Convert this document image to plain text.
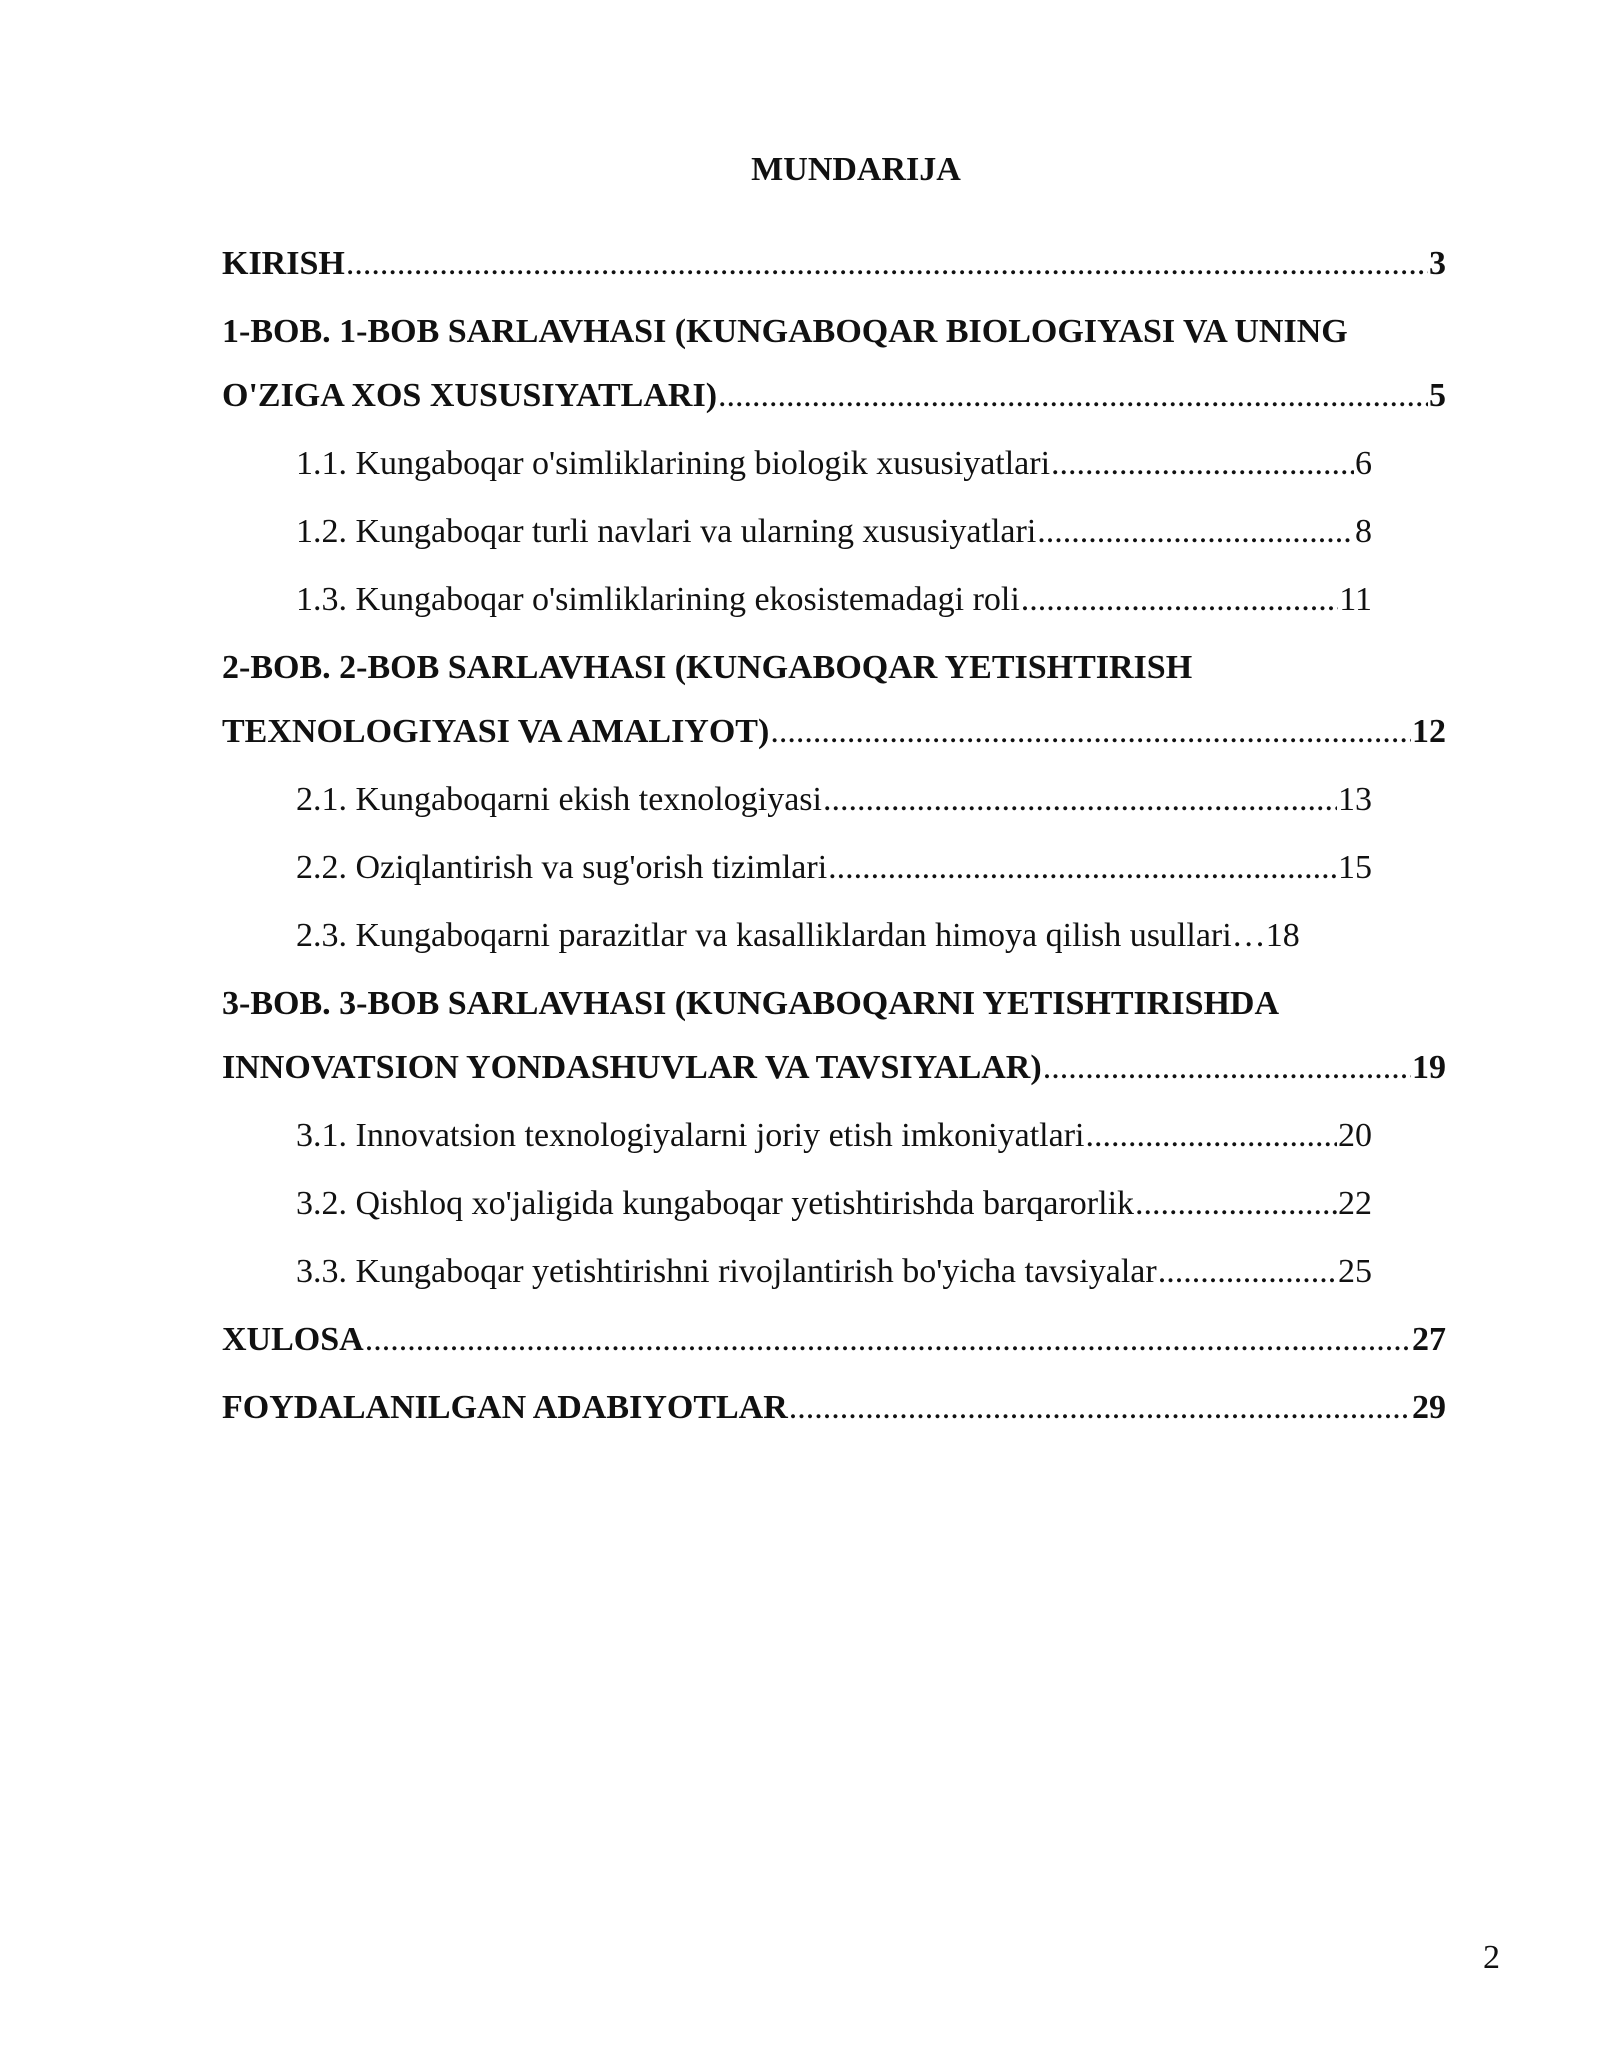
MUNDARIJA
KIRISH .....	3
1-BOB. 1-BOB SARLAVHASI (KUNGABOQAR BIOLOGIYASI VA UNING
O'ZIGA XOS XUSUSIYATLARI) .....	5
1.1. Kungaboqar o'simliklarining biologik xususiyatlari .....	6
1.2. Kungaboqar turli navlari va ularning xususiyatlari .....	8
1.3. Kungaboqar o'simliklarining ekosistemadagi roli .....	11
2-BOB. 2-BOB SARLAVHASI (KUNGABOQAR YETISHTIRISH
TEXNOLOGIYASI VA AMALIYOT) .....	12
2.1. Kungaboqarni ekish texnologiyasi .....	13
2.2. Oziqlantirish va sug'orish tizimlari .....	15
2.3. Kungaboqarni parazitlar va kasalliklardan himoya qilish usullari… 18
3-BOB. 3-BOB SARLAVHASI (KUNGABOQARNI YETISHTIRISHDA
INNOVATSION YONDASHUVLAR VA TAVSIYALAR) .....	19
3.1. Innovatsion texnologiyalarni joriy etish imkoniyatlari .....	20
3.2. Qishloq xo'jaligida kungaboqar yetishtirishda barqarorlik .....	22
3.3. Kungaboqar yetishtirishni rivojlantirish bo'yicha tavsiyalar .....	25
XULOSA .....	27
FOYDALANILGAN ADABIYOTLAR .....	29
2
